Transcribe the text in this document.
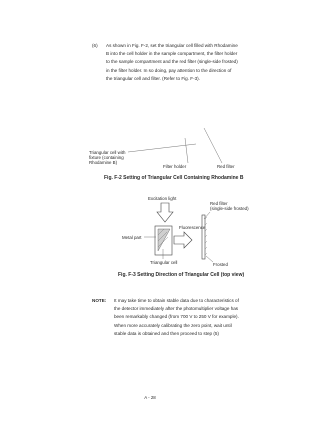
(6) As shown in Fig. F-2, set the triangular cell filled with Rhodamine
B into the cell holder in the sample compartment, the filter holder
to the sample compartment and the red filter (single-side frosted)
in the filter holder. In so doing, pay attention to the direction of
the triangular cell and filter. (Refer to Fig. F-3).
Triangular cell with
fixture (containing
Rhodamine B)
Filter holder	Red filter
Fig. F-2 Setting of Triangular Cell Containing Rhodamine B
Excitation light
Red filter
(single-side frosted)
Fluorescence
Metal part
Triangular cell	Frosted
Fig. F-3 Setting Direction of Triangular Cell (top view)
NOTE: It may take time to obtain stable data due to characteristics of
the detector immediately after the photomultiplier voltage has
been remarkably changed (from 700 V to 250 V for example).
When more accurately calibrating the zero point, wait until
stable data is obtained and then proceed to step (5)
A - 28
